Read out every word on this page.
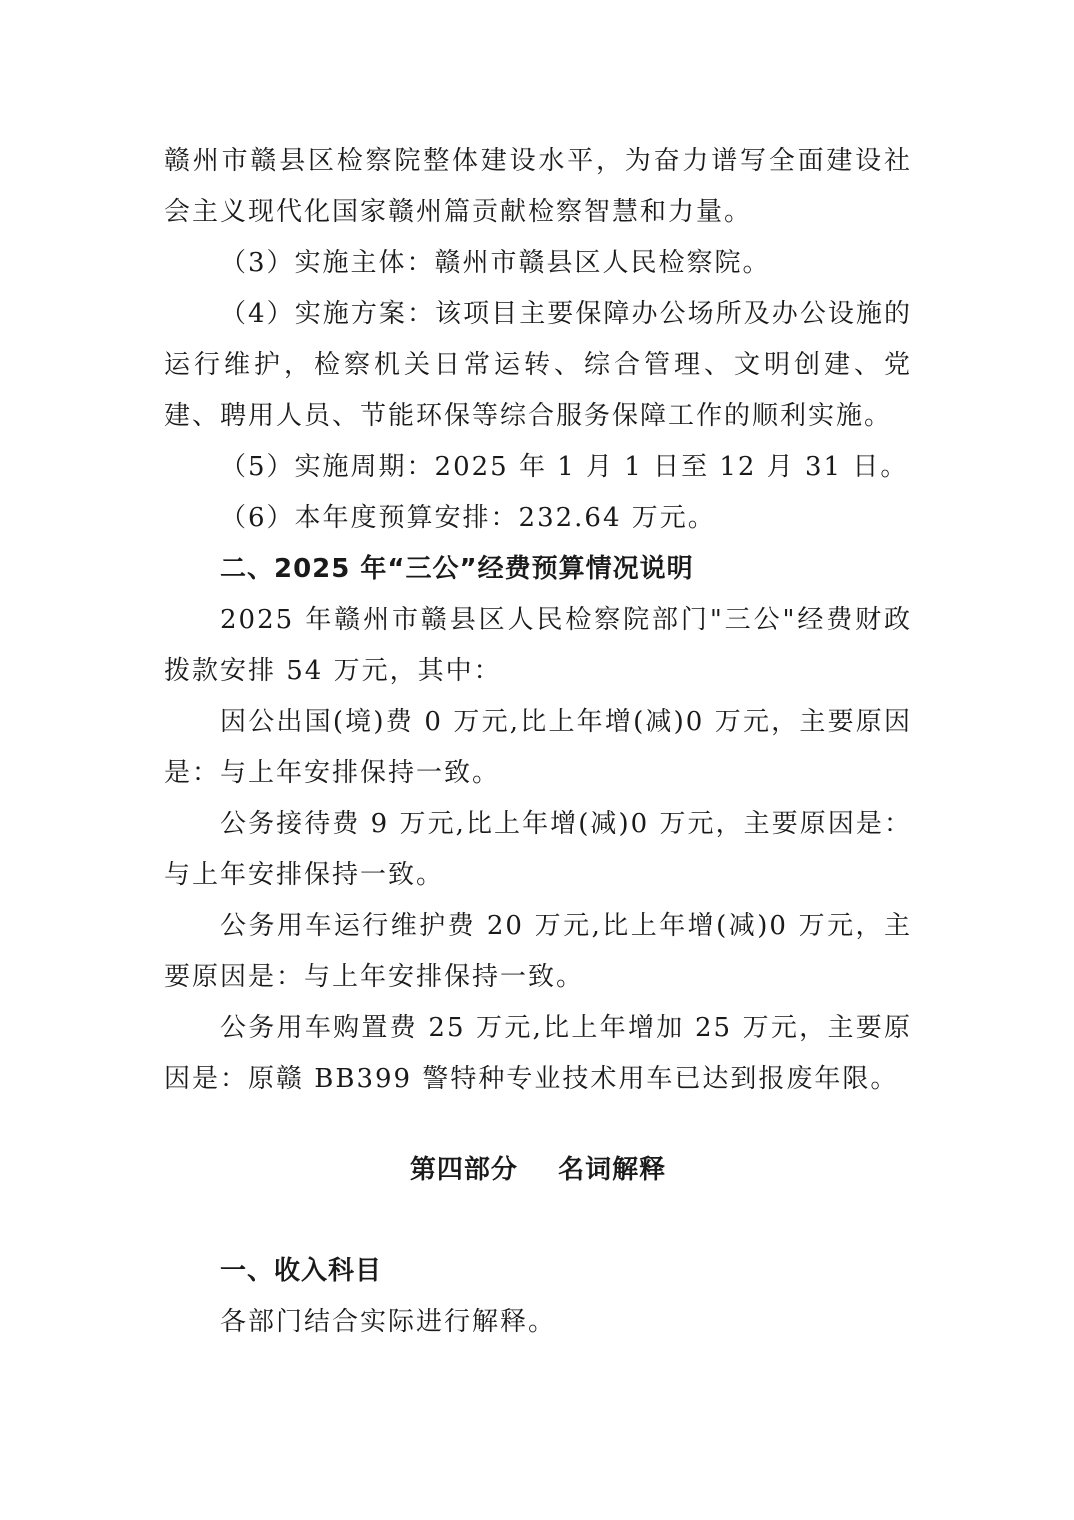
赣州市赣县区检察院整体建设水平，为奋力谱写全面建设社会主义现代化国家赣州篇贡献检察智慧和力量。

（3）实施主体：赣州市赣县区人民检察院。

（4）实施方案：该项目主要保障办公场所及办公设施的运行维护，检察机关日常运转、综合管理、文明创建、党建、聘用人员、节能环保等综合服务保障工作的顺利实施。

（5）实施周期：2025 年 1 月 1 日至 12 月 31 日。

（6）本年度预算安排：232.64 万元。

二、2025 年“三公”经费预算情况说明

2025 年赣州市赣县区人民检察院部门"三公"经费财政拨款安排 54 万元，其中：

因公出国(境)费 0 万元,比上年增(减)0 万元，主要原因是：与上年安排保持一致。

公务接待费 9 万元,比上年增(减)0 万元，主要原因是：与上年安排保持一致。

公务用车运行维护费 20 万元,比上年增(减)0 万元，主要原因是：与上年安排保持一致。

公务用车购置费 25 万元,比上年增加 25 万元，主要原因是：原赣 BB399 警特种专业技术用车已达到报废年限。

第四部分    名词解释

一、收入科目

各部门结合实际进行解释。
